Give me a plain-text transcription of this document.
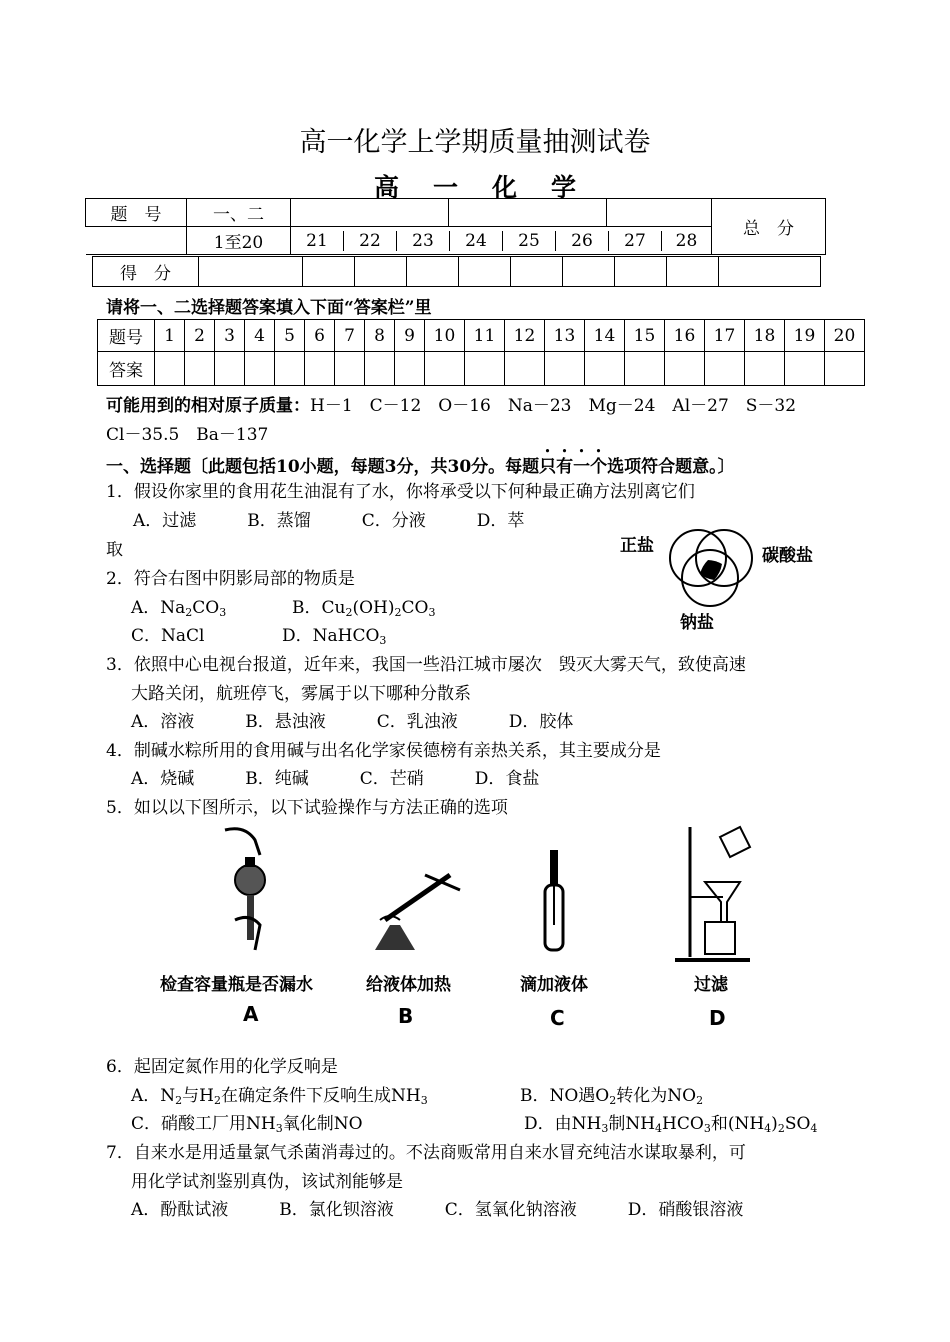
高一化学上学期质量抽测试卷
高一化学
题　号	一、二				总　分
	1至20		21	22	23	24	25	26	27	28
得　分										
请将一、二选择题答案填入下面“答案栏”里
题号	1	2	3	4	5	6	7	8	9	10	11	12	13	14	15	16	17	18	19	20
答案																				
可能用到的相对原子质量：H－1　C－12　O－16　Na－23　Mg－24　Al－27　S－32
Cl－35.5　Ba－137
一、选择题〔此题包括10小题，每题3分，共30分。每题只有一个选项符合题意。〕
1．假设你家里的食用花生油混有了水，你将承受以下何种最正确方法别离它们
A．过滤　　　B．蒸馏　　　C．分液　　　D．萃
取	正盐	碳酸盐
钠盐
2．符合右图中阴影局部的物质是
A．$Na_2CO_3$	B．$Cu_2(OH)_2CO_3$
C．NaCl	D．NaHCO$_3$
3．依照中心电视台报道，近年来，我国一些沿江城市屡次　毁灭大雾天气，致使高速
大路关闭，航班停飞，雾属于以下哪种分散系
A．溶液　　　B．悬浊液　　　C．乳浊液　　　D．胶体
4．制碱水粽所用的食用碱与出名化学家侯德榜有亲热关系，其主要成分是
A．烧碱　　　B．纯碱　　　C．芒硝　　　D．食盐
5．如以以下图所示，以下试验操作与方法正确的选项
检查容量瓶是否漏水	给液体加热	滴加液体	过滤
A	B	C	D
6．起固定氮作用的化学反响是
A．$N_2$与$H_2$在确定条件下反响生成$NH_3$	B．NO遇$O_2$转化为$NO_2$
C．硝酸工厂用$NH_3$氧化制NO	D．由$NH_3$制$NH_4HCO_3$和$(NH_4)_2SO_4$
7．自来水是用适量氯气杀菌消毒过的。不法商贩常用自来水冒充纯洁水谋取暴利，可
用化学试剂鉴别真伪，该试剂能够是
A．酚酞试液　　　B．氯化钡溶液　　　C．氢氧化钠溶液　　　D．硝酸银溶液
